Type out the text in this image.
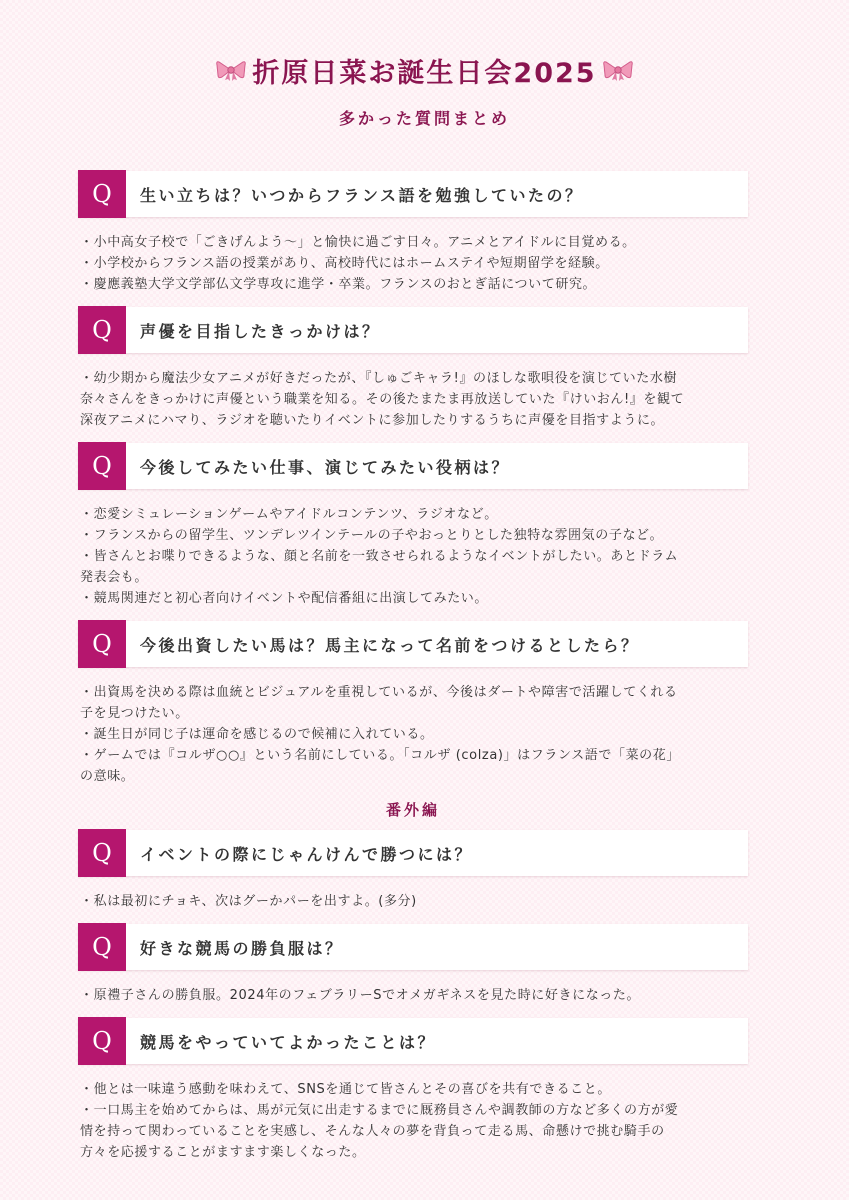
折原日菜お誕生日会2025
多かった質問まとめ
Q	生い立ちは？いつからフランス語を勉強していたの？
・小中高女子校で「ごきげんよう～」と愉快に過ごす日々。アニメとアイドルに目覚める。
・小学校からフランス語の授業があり、高校時代にはホームステイや短期留学を経験。
・慶應義塾大学文学部仏文学専攻に進学・卒業。フランスのおとぎ話について研究。
Q	声優を目指したきっかけは？
・幼少期から魔法少女アニメが好きだったが、『しゅごキャラ!』のほしな歌唄役を演じていた水樹
奈々さんをきっかけに声優という職業を知る。その後たまたま再放送していた『けいおん!』を観て
深夜アニメにハマり、ラジオを聴いたりイベントに参加したりするうちに声優を目指すように。
Q	今後してみたい仕事、演じてみたい役柄は？
・恋愛シミュレーションゲームやアイドルコンテンツ、ラジオなど。
・フランスからの留学生、ツンデレツインテールの子やおっとりとした独特な雰囲気の子など。
・皆さんとお喋りできるような、顔と名前を一致させられるようなイベントがしたい。あとドラム
発表会も。
・競馬関連だと初心者向けイベントや配信番組に出演してみたい。
Q	今後出資したい馬は？馬主になって名前をつけるとしたら？
・出資馬を決める際は血統とビジュアルを重視しているが、今後はダートや障害で活躍してくれる
子を見つけたい。
・誕生日が同じ子は運命を感じるので候補に入れている。
・ゲームでは『コルザ○○』という名前にしている。「コルザ (colza)」はフランス語で「菜の花」
の意味。
番外編
Q	イベントの際にじゃんけんで勝つには？
・私は最初にチョキ、次はグーかパーを出すよ。(多分)
Q	好きな競馬の勝負服は？
・原禮子さんの勝負服。2024年のフェブラリーSでオメガギネスを見た時に好きになった。
Q	競馬をやっていてよかったことは？
・他とは一味違う感動を味わえて、SNSを通じて皆さんとその喜びを共有できること。
・一口馬主を始めてからは、馬が元気に出走するまでに厩務員さんや調教師の方など多くの方が愛
情を持って関わっていることを実感し、そんな人々の夢を背負って走る馬、命懸けで挑む騎手の
方々を応援することがますます楽しくなった。
